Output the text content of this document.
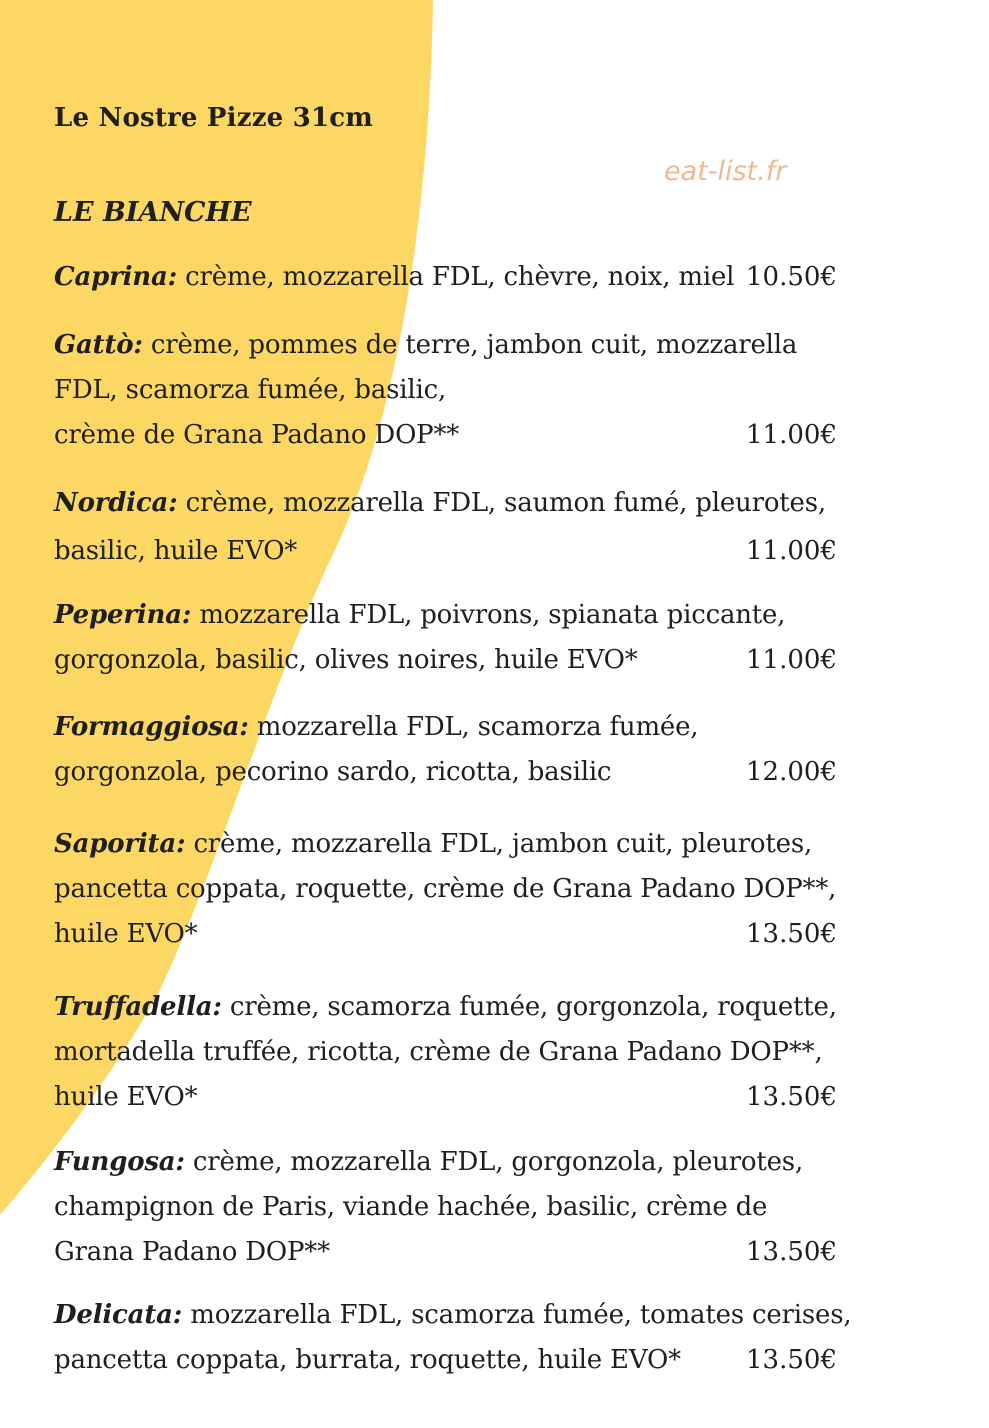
Le Nostre Pizze 31cm
eat-list.fr
LE BIANCHE
Caprina: crème, mozzarella FDL, chèvre, noix, miel 10.50€
Gattò: crème, pommes de terre, jambon cuit, mozzarella
FDL, scamorza fumée, basilic,
crème de Grana Padano DOP**	11.00€
Nordica: crème, mozzarella FDL, saumon fumé, pleurotes,
basilic, huile EVO*	11.00€
Peperina: mozzarella FDL, poivrons, spianata piccante,
gorgonzola, basilic, olives noires, huile EVO*	11.00€
Formaggiosa: mozzarella FDL, scamorza fumée,
gorgonzola, pecorino sardo, ricotta, basilic	12.00€
Saporita: crème, mozzarella FDL, jambon cuit, pleurotes,
pancetta coppata, roquette, crème de Grana Padano DOP**,
huile EVO*	13.50€
Truffadella: crème, scamorza fumée, gorgonzola, roquette,
mortadella truffée, ricotta, crème de Grana Padano DOP**,
huile EVO*	13.50€
Fungosa: crème, mozzarella FDL, gorgonzola, pleurotes,
champignon de Paris, viande hachée, basilic, crème de
Grana Padano DOP**	13.50€
Delicata: mozzarella FDL, scamorza fumée, tomates cerises,
pancetta coppata, burrata, roquette, huile EVO*	13.50€
